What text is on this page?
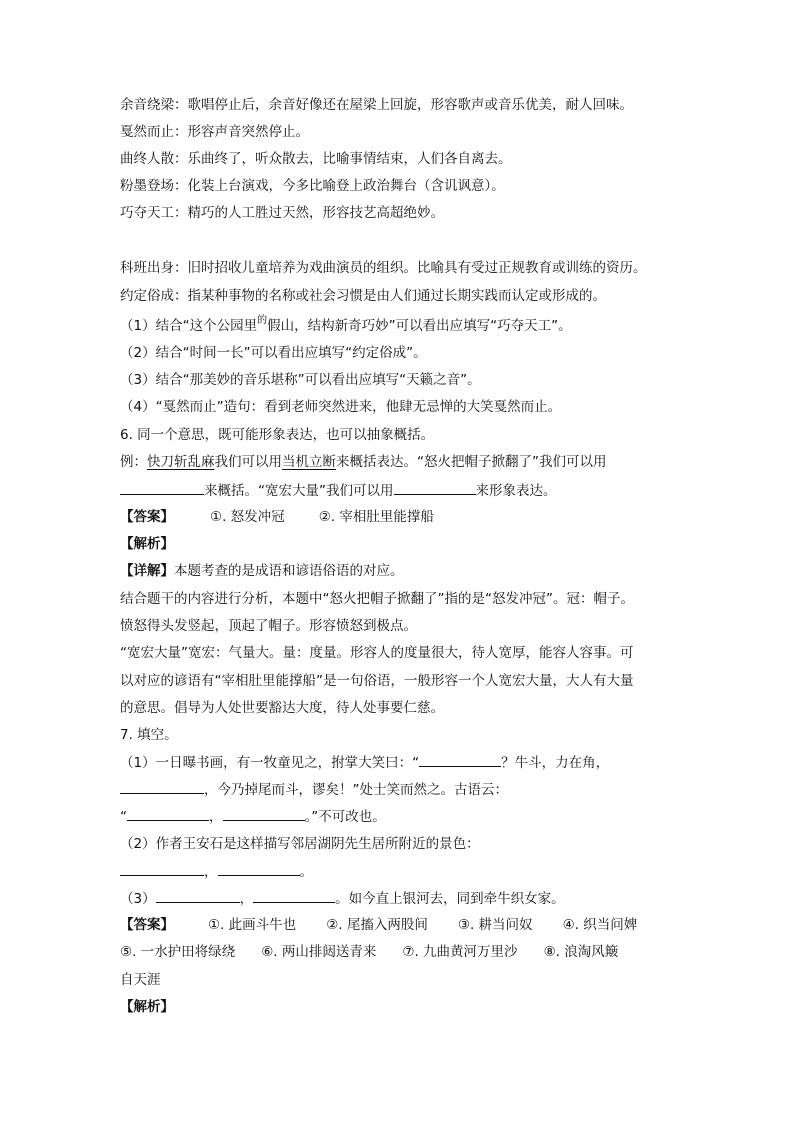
余音绕梁：歌唱停止后，余音好像还在屋梁上回旋，形容歌声或音乐优美，耐人回味。
戛然而止：形容声音突然停止。
曲终人散：乐曲终了，听众散去，比喻事情结束，人们各自离去。
粉墨登场：化装上台演戏，今多比喻登上政治舞台（含讥讽意）。
巧夺天工：精巧的人工胜过天然，形容技艺高超绝妙。
科班出身：旧时招收儿童培养为戏曲演员的组织。比喻具有受过正规教育或训练的资历。
约定俗成：指某种事物的名称或社会习惯是由人们通过长期实践而认定或形成的。
（1）结合“这个公园里$^的$假山，结构新奇巧妙”可以看出应填写“巧夺天工”。
（2）结合“时间一长”可以看出应填写“约定俗成”。
（3）结合“那美妙的音乐堪称”可以看出应填写“天籁之音”。
（4）“戛然而止”造句：看到老师突然进来，他肆无忌惮的大笑戛然而止。
6. 同一个意思，既可能形象表达，也可以抽象概括。
例：快刀斩乱麻我们可以用当机立断来概括表达。“怒火把帽子掀翻了”我们可以用
来概括。“宽宏大量”我们可以用	来形象表达。
【答案】	①. 怒发冲冠	②. 宰相肚里能撑船
【解析】
【详解】本题考查的是成语和谚语俗语的对应。
结合题干的内容进行分析，本题中“怒火把帽子掀翻了”指的是“怒发冲冠”。冠：帽子。
愤怒得头发竖起，顶起了帽子。形容愤怒到极点。
“宽宏大量”宽宏：气量大。量：度量。形容人的度量很大，待人宽厚，能容人容事。可
以对应的谚语有“宰相肚里能撑船”是一句俗语，一般形容一个人宽宏大量，大人有大量
的意思。倡导为人处世要豁达大度，待人处事要仁慈。
7. 填空。
（1）一日曝书画，有一牧童见之，拊掌大笑曰：“	？牛斗，力在角，
，今乃掉尾而斗，谬矣！”处士笑而然之。古语云：
“	，	。”不可改也。
（2）作者王安石是这样描写邻居湖阴先生居所附近的景色：
，	。
（3）	，	。如今直上银河去，同到牵牛织女家。
【答案】	①. 此画斗牛也 ②. 尾搐入两股间 ③. 耕当问奴 ④. 织当问婢
⑤. 一水护田将绿绕 ⑥. 两山排闼送青来 ⑦. 九曲黄河万里沙 ⑧. 浪淘风簸
自天涯
【解析】
